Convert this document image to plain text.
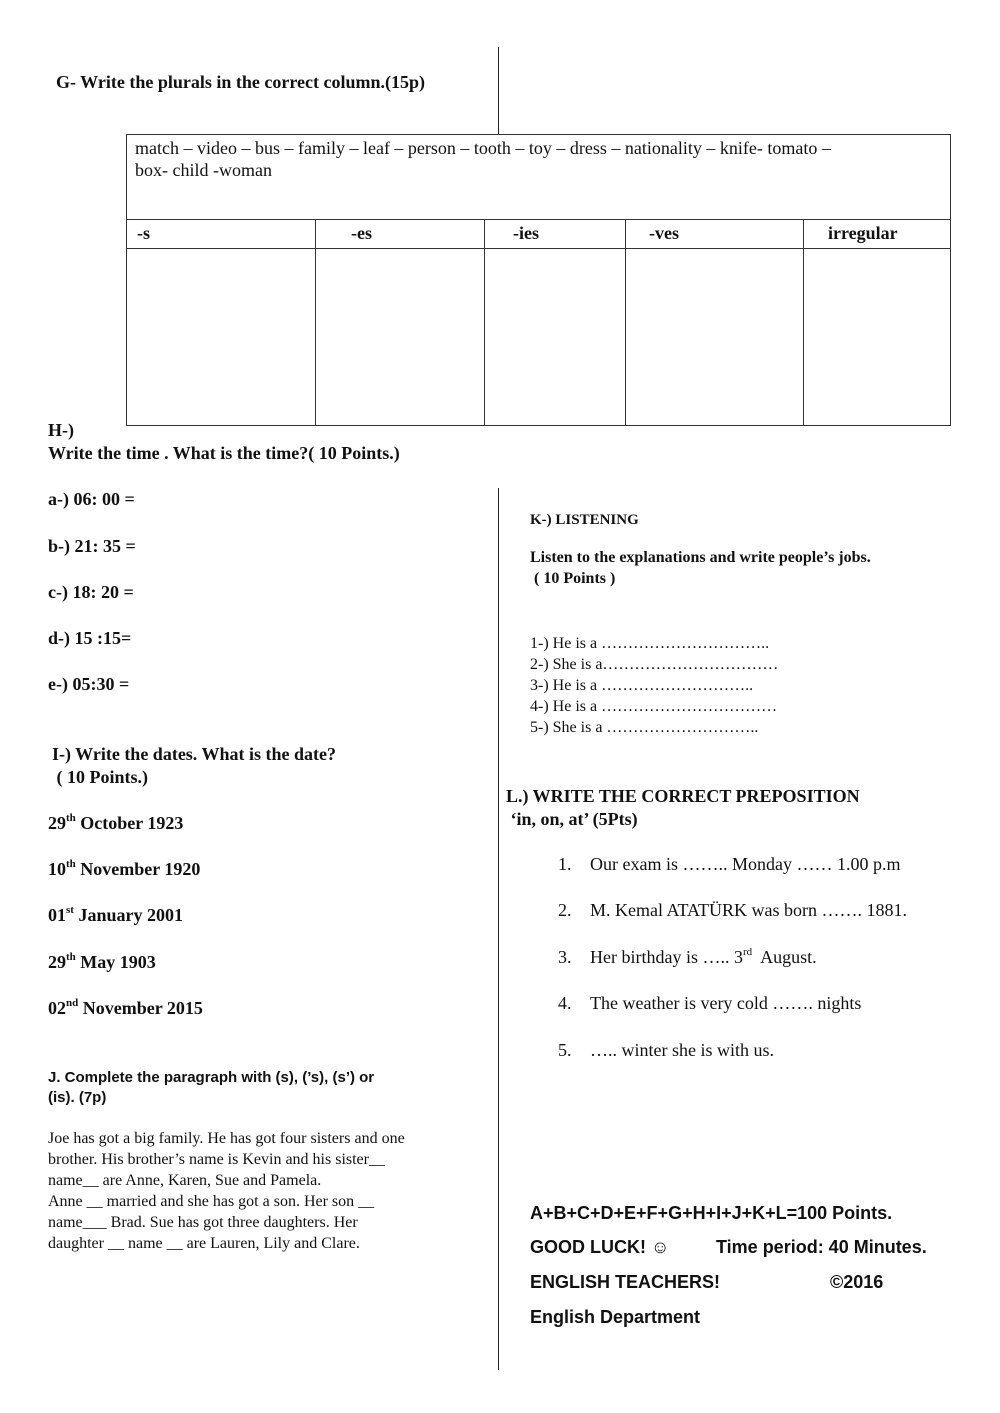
G- Write the plurals in the correct column.(15p)
match – video – bus – family – leaf – person – tooth – toy – dress – nationality – knife- tomato –
box- child -woman
-s	-es	-ies	-ves	irregular
H-)
Write the time . What is the time?( 10 Points.)
a-) 06: 00 =
b-) 21: 35 =
c-) 18: 20 =
d-) 15 :15=
e-) 05:30 =
I-) Write the dates. What is the date?
( 10 Points.)
29th October 1923
10th November 1920
01st January 2001
29th May 1903
02nd November 2015
J. Complete the paragraph with (s), (’s), (s’) or
(is). (7p)
Joe has got a big family. He has got four sisters and one
brother. His brother’s name is Kevin and his sister__
name__ are Anne, Karen, Sue and Pamela.
Anne __ married and she has got a son. Her son __
name___ Brad. Sue has got three daughters. Her
daughter __ name __ are Lauren, Lily and Clare.
K-) LISTENING
Listen to the explanations and write people’s jobs.
( 10 Points )
1-) He is a …………………………..
2-) She is a……………………………
3-) He is a ………………………..
4-) He is a ……………………………
5-) She is a ………………………..
L.) WRITE THE CORRECT PREPOSITION
‘in, on, at’ (5Pts)
1. Our exam is …….. Monday …… 1.00 p.m
2. M. Kemal ATATÜRK was born ……. 1881.
3. Her birthday is ….. 3rd  August.
4. The weather is very cold ……. nights
5. ….. winter she is with us.
A+B+C+D+E+F+G+H+I+J+K+L=100 Points.
GOOD LUCK! ☺	Time period: 40 Minutes.
ENGLISH TEACHERS!	©2016
English Department
